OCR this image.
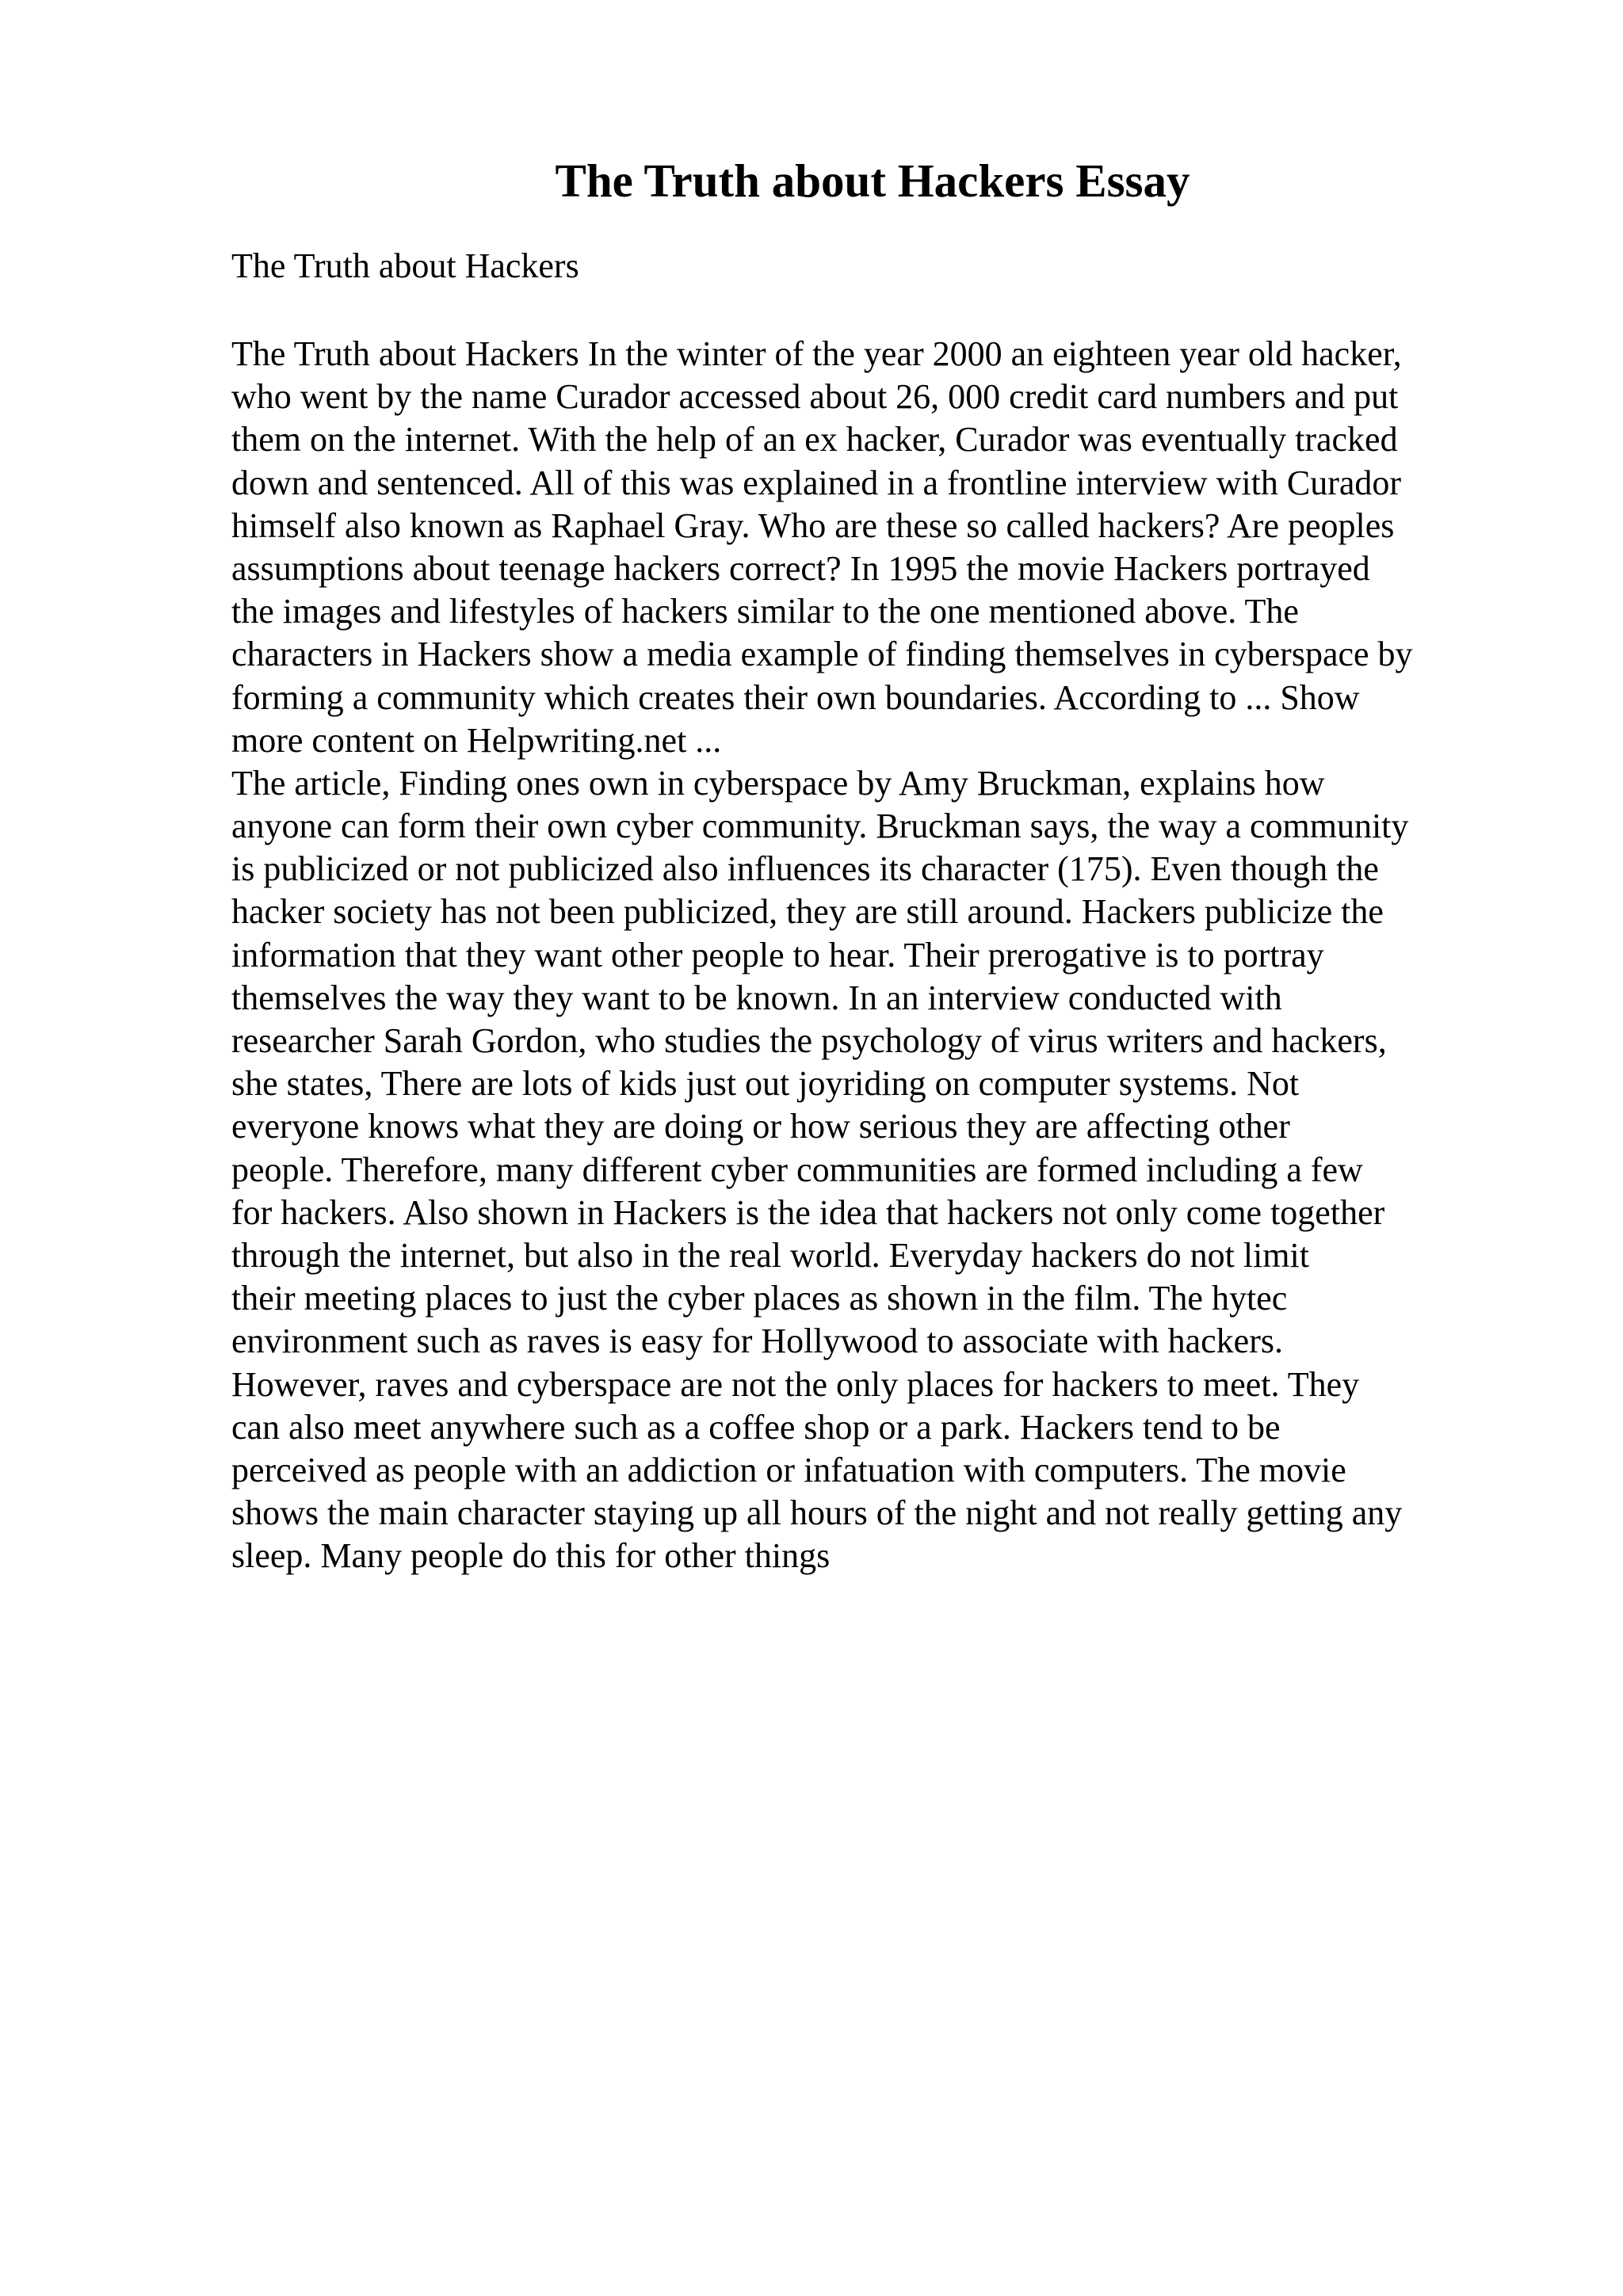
The Truth about Hackers Essay

The Truth about Hackers

The Truth about Hackers In the winter of the year 2000 an eighteen year old hacker,
who went by the name Curador accessed about 26, 000 credit card numbers and put
them on the internet. With the help of an ex hacker, Curador was eventually tracked
down and sentenced. All of this was explained in a frontline interview with Curador
himself also known as Raphael Gray. Who are these so called hackers? Are peoples
assumptions about teenage hackers correct? In 1995 the movie Hackers portrayed
the images and lifestyles of hackers similar to the one mentioned above. The
characters in Hackers show a media example of finding themselves in cyberspace by
forming a community which creates their own boundaries. According to ... Show
more content on Helpwriting.net ...
The article, Finding ones own in cyberspace by Amy Bruckman, explains how
anyone can form their own cyber community. Bruckman says, the way a community
is publicized or not publicized also influences its character (175). Even though the
hacker society has not been publicized, they are still around. Hackers publicize the
information that they want other people to hear. Their prerogative is to portray
themselves the way they want to be known. In an interview conducted with
researcher Sarah Gordon, who studies the psychology of virus writers and hackers,
she states, There are lots of kids just out joyriding on computer systems. Not
everyone knows what they are doing or how serious they are affecting other
people. Therefore, many different cyber communities are formed including a few
for hackers. Also shown in Hackers is the idea that hackers not only come together
through the internet, but also in the real world. Everyday hackers do not limit
their meeting places to just the cyber places as shown in the film. The hytec
environment such as raves is easy for Hollywood to associate with hackers.
However, raves and cyberspace are not the only places for hackers to meet. They
can also meet anywhere such as a coffee shop or a park. Hackers tend to be
perceived as people with an addiction or infatuation with computers. The movie
shows the main character staying up all hours of the night and not really getting any
sleep. Many people do this for other things
